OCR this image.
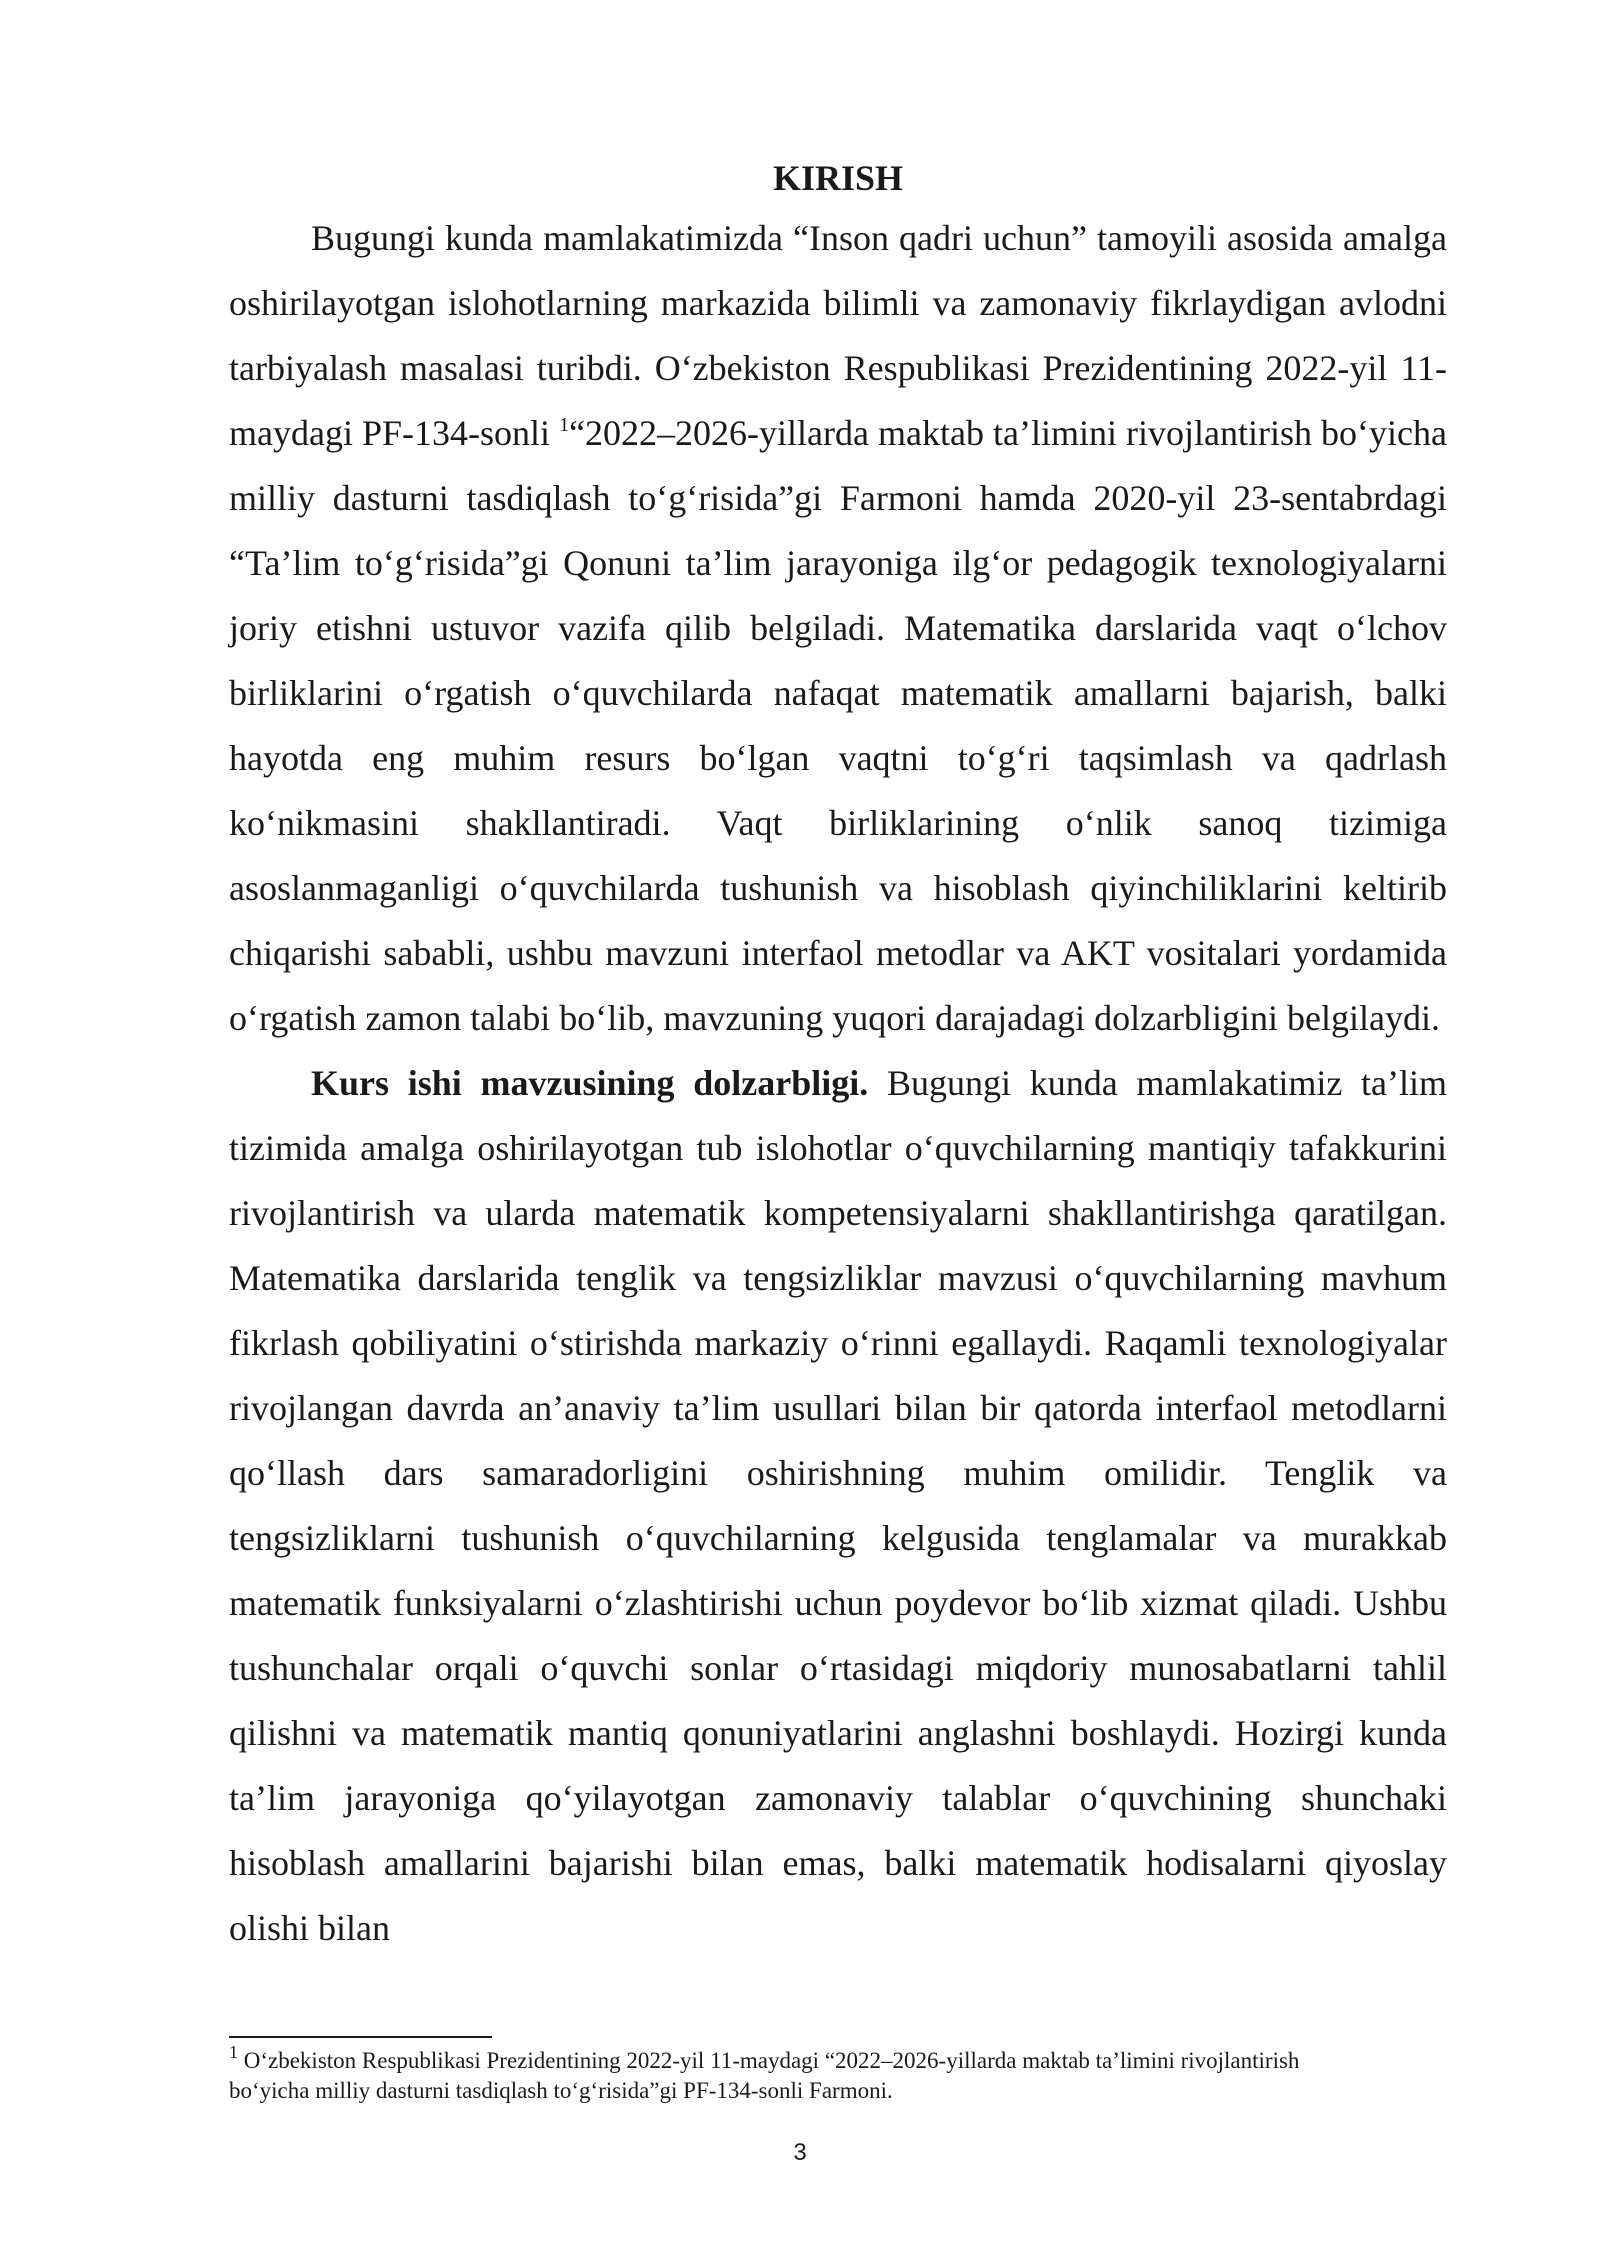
KIRISH

Bugungi kunda mamlakatimizda “Inson qadri uchun” tamoyili asosida amalga oshirilayotgan islohotlarning markazida bilimli va zamonaviy fikrlaydigan avlodni tarbiyalash masalasi turibdi. O‘zbekiston Respublikasi Prezidentining 2022-yil 11-maydagi PF-134-sonli $^1$“2022–2026-yillarda maktab ta’limini rivojlantirish bo‘yicha milliy dasturni tasdiqlash to‘g‘risida”gi Farmoni hamda 2020-yil 23-sentabrdagi “Ta’lim to‘g‘risida”gi Qonuni ta’lim jarayoniga ilg‘or pedagogik texnologiyalarni joriy etishni ustuvor vazifa qilib belgiladi. Matematika darslarida vaqt o‘lchov birliklarini o‘rgatish o‘quvchilarda nafaqat matematik amallarni bajarish, balki hayotda eng muhim resurs bo‘lgan vaqtni to‘g‘ri taqsimlash va qadrlash ko‘nikmasini shakllantiradi. Vaqt birliklarining o‘nlik sanoq tizimiga asoslanmaganligi o‘quvchilarda tushunish va hisoblash qiyinchiliklarini keltirib chiqarishi sababli, ushbu mavzuni interfaol metodlar va AKT vositalari yordamida o‘rgatish zamon talabi bo‘lib, mavzuning yuqori darajadagi dolzarbligini belgilaydi.

Kurs ishi mavzusining dolzarbligi. Bugungi kunda mamlakatimiz ta’lim tizimida amalga oshirilayotgan tub islohotlar o‘quvchilarning mantiqiy tafakkurini rivojlantirish va ularda matematik kompetensiyalarni shakllantirishga qaratilgan. Matematika darslarida tenglik va tengsizliklar mavzusi o‘quvchilarning mavhum fikrlash qobiliyatini o‘stirishda markaziy o‘rinni egallaydi. Raqamli texnologiyalar rivojlangan davrda an’anaviy ta’lim usullari bilan bir qatorda interfaol metodlarni qo‘llash dars samaradorligini oshirishning muhim omilidir. Tenglik va tengsizliklarni tushunish o‘quvchilarning kelgusida tenglamalar va murakkab matematik funksiyalarni o‘zlashtirishi uchun poydevor bo‘lib xizmat qiladi. Ushbu tushunchalar orqali o‘quvchi sonlar o‘rtasidagi miqdoriy munosabatlarni tahlil qilishni va matematik mantiq qonuniyatlarini anglashni boshlaydi. Hozirgi kunda ta’lim jarayoniga qo‘yilayotgan zamonaviy talablar o‘quvchining shunchaki hisoblash amallarini bajarishi bilan emas, balki matematik hodisalarni qiyoslay olishi bilan

$^1$ O‘zbekiston Respublikasi Prezidentining 2022-yil 11-maydagi “2022–2026-yillarda maktab ta’limini rivojlantirish bo‘yicha milliy dasturni tasdiqlash to‘g‘risida”gi PF-134-sonli Farmoni.
3
